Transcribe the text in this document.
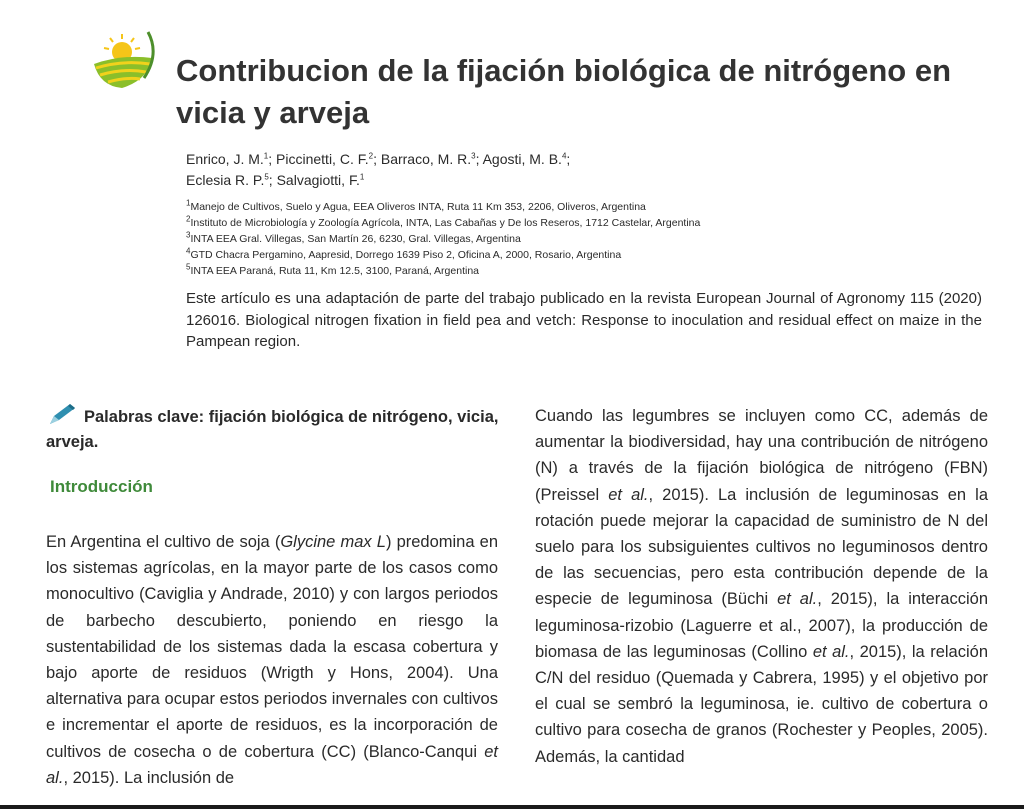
Contribucion de la fijación biológica de nitrógeno en vicia y arveja
Enrico, J. M.$^1$; Piccinetti, C. F.$^2$; Barraco, M. R.$^3$; Agosti, M. B.$^4$;
Eclesia R. P.$^5$; Salvagiotti, F.$^1$
$^1$Manejo de Cultivos, Suelo y Agua, EEA Oliveros INTA, Ruta 11 Km 353, 2206, Oliveros, Argentina
$^2$Instituto de Microbiología y Zoología Agrícola, INTA, Las Cabañas y De los Reseros, 1712 Castelar, Argentina
$^3$INTA EEA Gral. Villegas, San Martín 26, 6230, Gral. Villegas, Argentina
$^4$GTD Chacra Pergamino, Aapresid, Dorrego 1639 Piso 2, Oficina A, 2000, Rosario, Argentina
$^5$INTA EEA Paraná, Ruta 11, Km 12.5, 3100, Paraná, Argentina
Este artículo es una adaptación de parte del trabajo publicado en la revista European Journal of Agronomy 115 (2020) 126016. Biological nitrogen fixation in field pea and vetch: Response to inoculation and residual effect on maize in the Pampean region.
Palabras clave: fijación biológica de nitrógeno, vicia, arveja.
Introducción

En Argentina el cultivo de soja (Glycine max L) predomina en los sistemas agrícolas, en la mayor parte de los casos como monocultivo (Caviglia y Andrade, 2010) y con largos periodos de barbecho descubierto, poniendo en riesgo la sustentabilidad de los sistemas dada la escasa cobertura y bajo aporte de residuos (Wrigth y Hons, 2004). Una alternativa para ocupar estos periodos invernales con cultivos e incrementar el aporte de residuos, es la incorporación de cultivos de cosecha o de cobertura (CC) (Blanco-Canqui et al., 2015). La inclusión de

Cuando las legumbres se incluyen como CC, además de aumentar la biodiversidad, hay una contribución de nitrógeno (N) a través de la fijación biológica de nitrógeno (FBN) (Preissel et al., 2015). La inclusión de leguminosas en la rotación puede mejorar la capacidad de suministro de N del suelo para los subsiguientes cultivos no leguminosos dentro de las secuencias, pero esta contribución depende de la especie de leguminosa (Büchi et al., 2015), la interacción leguminosa-rizobio (Laguerre et al., 2007), la producción de biomasa de las leguminosas (Collino et al., 2015), la relación C/N del residuo (Quemada y Cabrera, 1995) y el objetivo por el cual se sembró la leguminosa, ie. cultivo de cobertura o cultivo para cosecha de granos (Rochester y Peoples, 2005). Además, la cantidad
